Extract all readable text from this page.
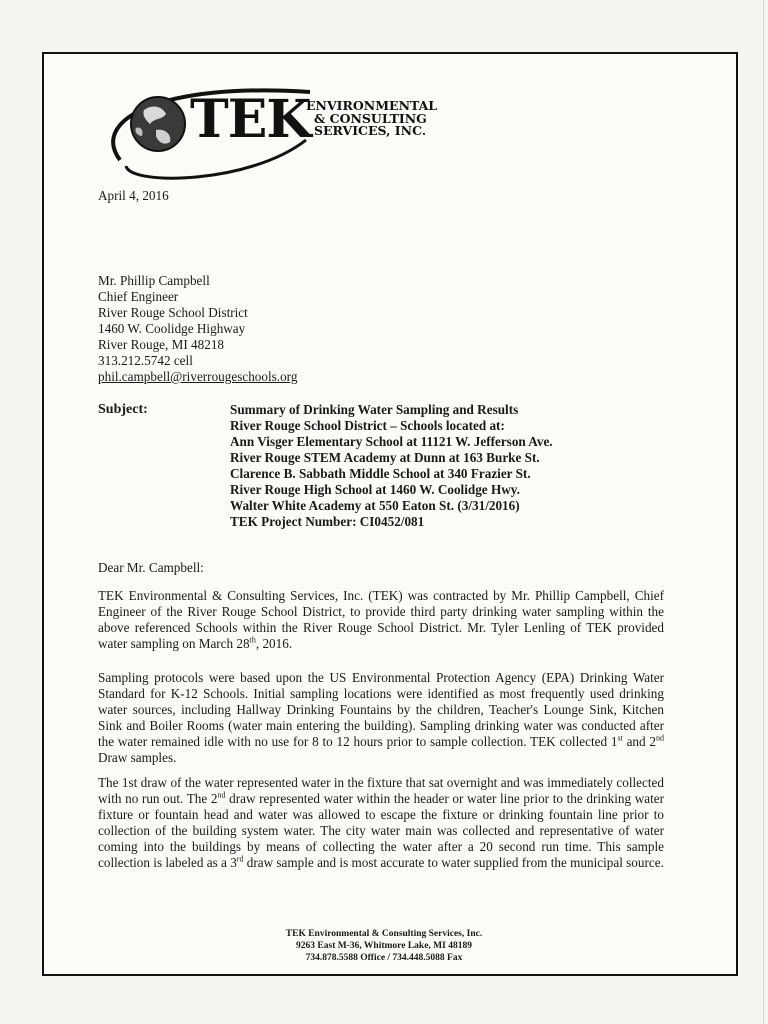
TEK
ENVIRONMENTAL
& CONSULTING
SERVICES, INC.
April 4, 2016
Mr. Phillip Campbell
Chief Engineer
River Rouge School District
1460 W. Coolidge Highway
River Rouge, MI 48218
313.212.5742 cell
phil.campbell@riverrougeschools.org
Subject:	Summary of Drinking Water Sampling and Results
River Rouge School District – Schools located at:
Ann Visger Elementary School at 11121 W. Jefferson Ave.
River Rouge STEM Academy at Dunn at 163 Burke St.
Clarence B. Sabbath Middle School at 340 Frazier St.
River Rouge High School at 1460 W. Coolidge Hwy.
Walter White Academy at 550 Eaton St. (3/31/2016)
TEK Project Number: CI0452/081
Dear Mr. Campbell:
TEK Environmental & Consulting Services, Inc. (TEK) was contracted by Mr. Phillip Campbell, Chief Engineer of the River Rouge School District, to provide third party drinking water sampling within the above referenced Schools within the River Rouge School District. Mr. Tyler Lenling of TEK provided water sampling on March 28th, 2016.
Sampling protocols were based upon the US Environmental Protection Agency (EPA) Drinking Water Standard for K-12 Schools. Initial sampling locations were identified as most frequently used drinking water sources, including Hallway Drinking Fountains by the children, Teacher's Lounge Sink, Kitchen Sink and Boiler Rooms (water main entering the building). Sampling drinking water was conducted after the water remained idle with no use for 8 to 12 hours prior to sample collection. TEK collected 1st and 2nd Draw samples.
The 1st draw of the water represented water in the fixture that sat overnight and was immediately collected with no run out. The 2nd draw represented water within the header or water line prior to the drinking water fixture or fountain head and water was allowed to escape the fixture or drinking fountain line prior to collection of the building system water. The city water main was collected and representative of water coming into the buildings by means of collecting the water after a 20 second run time. This sample collection is labeled as a 3rd draw sample and is most accurate to water supplied from the municipal source.
TEK Environmental & Consulting Services, Inc.
9263 East M-36, Whitmore Lake, MI 48189
734.878.5588 Office / 734.448.5088 Fax
